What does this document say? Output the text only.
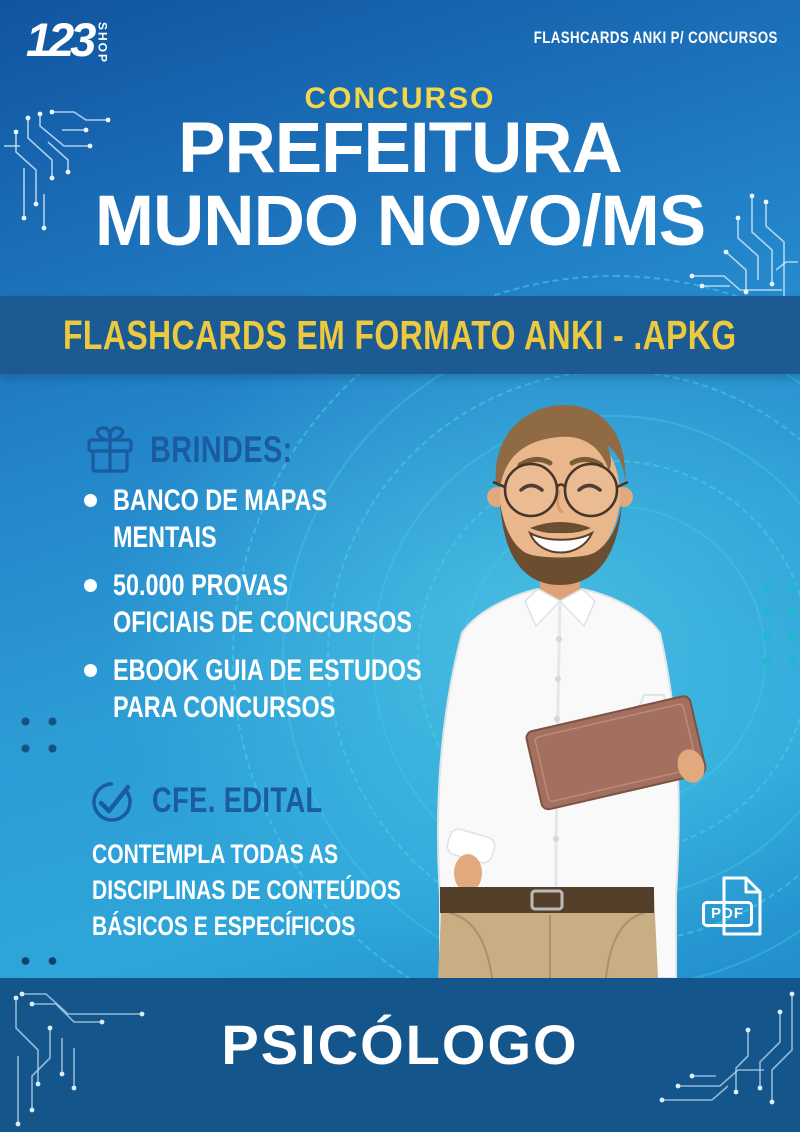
123 SHOP	FLASHCARDS ANKI P/ CONCURSOS
CONCURSO
PREFEITURA
MUNDO NOVO/MS
FLASHCARDS EM FORMATO ANKI - .APKG
BRINDES:
BANCO DE MAPAS
MENTAIS
50.000 PROVAS
OFICIAIS DE CONCURSOS
EBOOK GUIA DE ESTUDOS
PARA CONCURSOS
CFE. EDITAL
CONTEMPLA TODAS AS
DISCIPLINAS DE CONTEÚDOS
BÁSICOS E ESPECÍFICOS	PDF
PSICÓLOGO
